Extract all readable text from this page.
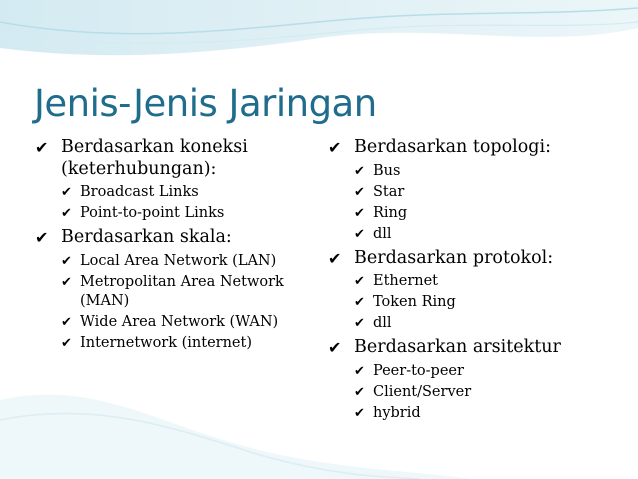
Jenis-Jenis Jaringan
✔ Berdasarkan koneksi (keterhubungan):
✔ Broadcast Links
✔ Point-to-point Links
✔ Berdasarkan skala:
✔ Local Area Network (LAN)
✔ Metropolitan Area Network (MAN)
✔ Wide Area Network (WAN)
✔ Internetwork (internet)
✔ Berdasarkan topologi:
✔ Bus
✔ Star
✔ Ring
✔ dll
✔ Berdasarkan protokol:
✔ Ethernet
✔ Token Ring
✔ dll
✔ Berdasarkan arsitektur
✔ Peer-to-peer
✔ Client/Server
✔ hybrid
